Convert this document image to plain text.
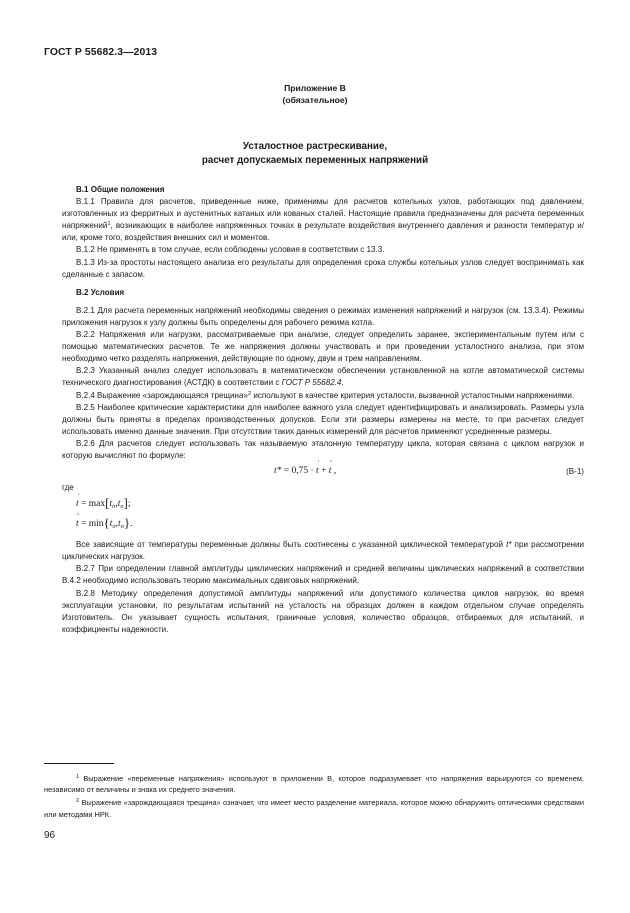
ГОСТ Р 55682.3—2013
Приложение В
(обязательное)
Усталостное растрескивание,
расчет допускаемых переменных напряжений

В.1 Общие положения

В.1.1 Правила для расчетов, приведенные ниже, применимы для расчетов котельных узлов, работающих под давлением, изготовленных из ферритных и аустенитных катаных или кованых сталей. Настоящие правила предназначены для расчета переменных напряжений$^1$, возникающих в наиболее напряженных точках в результате воздействия внутреннего давления и разности температур и/или, кроме того, воздействия внешних сил и моментов.

В.1.2 Не применять в том случае, если соблюдены условия в соответствии с 13.3.

В.1.3 Из-за простоты настоящего анализа его результаты для определения срока службы котельных узлов следует воспринимать как сделанные с запасом.

В.2 Условия

В.2.1 Для расчета переменных напряжений необходимы сведения о режимах изменения напряжений и нагрузок (см. 13.3.4). Режимы приложения нагрузок к узлу должны быть определены для рабочего режима котла.

В.2.2 Напряжения или нагрузки, рассматриваемые при анализе, следует определить заранее, экспериментальным путем или с помощью математических расчетов. Те же напряжения должны участвовать и при проведении усталостного анализа, при этом необходимо четко разделять напряжения, действующие по одному, двум и трем направлениям.

В.2.3 Указанный анализ следует использовать в математическом обеспечении установленной на котле автоматической системы технического диагностирования (АСТДК) в соответствии с ГОСТ Р 55682.4.

В.2.4 Выражение «зарождающаяся трещина»$^2$ используют в качестве критерия усталости, вызванной усталостными напряжениями.

В.2.5 Наиболее критические характеристики для наиболее важного узла следует идентифицировать и анализировать. Размеры узла должны быть приняты в пределах производственных допусков. Если эти размеры измерены на месте, то при расчетах следует использовать именно данные значения. При отсутствии таких данных измерений для расчетов применяют усредненные размеры.

В.2.6 Для расчетов следует использовать так называемую эталонную температуру цикла, которая связана с циклом нагрузок и которую вычисляют по формуле:

t* = 0,75 · ˙ t + ¨ t ,	(В-1)

где

˙ $t = \max[t_\sigma,t_\sigma]$;
¨ $t = \min\{t_\sigma,t_\sigma\}$.

Все зависящие от температуры переменные должны быть соотнесены с указанной циклической температурой t* при рассмотрении циклических нагрузок.

В.2.7 При определении главной амплитуды циклических напряжений и средней величины циклических напряжений в соответствии В.4.2 необходимо использовать теорию максимальных сдвиговых напряжений.

В.2.8 Методику определения допустимой амплитуды напряжений или допустимого количества циклов нагрузок, во время эксплуатации установки, по результатам испытаний на усталость на образцах должен в каждом отдельном случае определять Изготовитель. Он указывает сущность испытания, граничные условия, количество образцов, отбираемых для испытаний, и коэффициенты надежности.

$^1$ Выражение «переменные напряжения» используют в приложении В, которое подразумевает что напряжения варьируются со временем, независимо от величины и знака их среднего значения.

$^2$ Выражение «зарождающаяся трещина» означает, что имеет место разделение материала, которое можно обнаружить оптическими средствами или методами НРК.

96
